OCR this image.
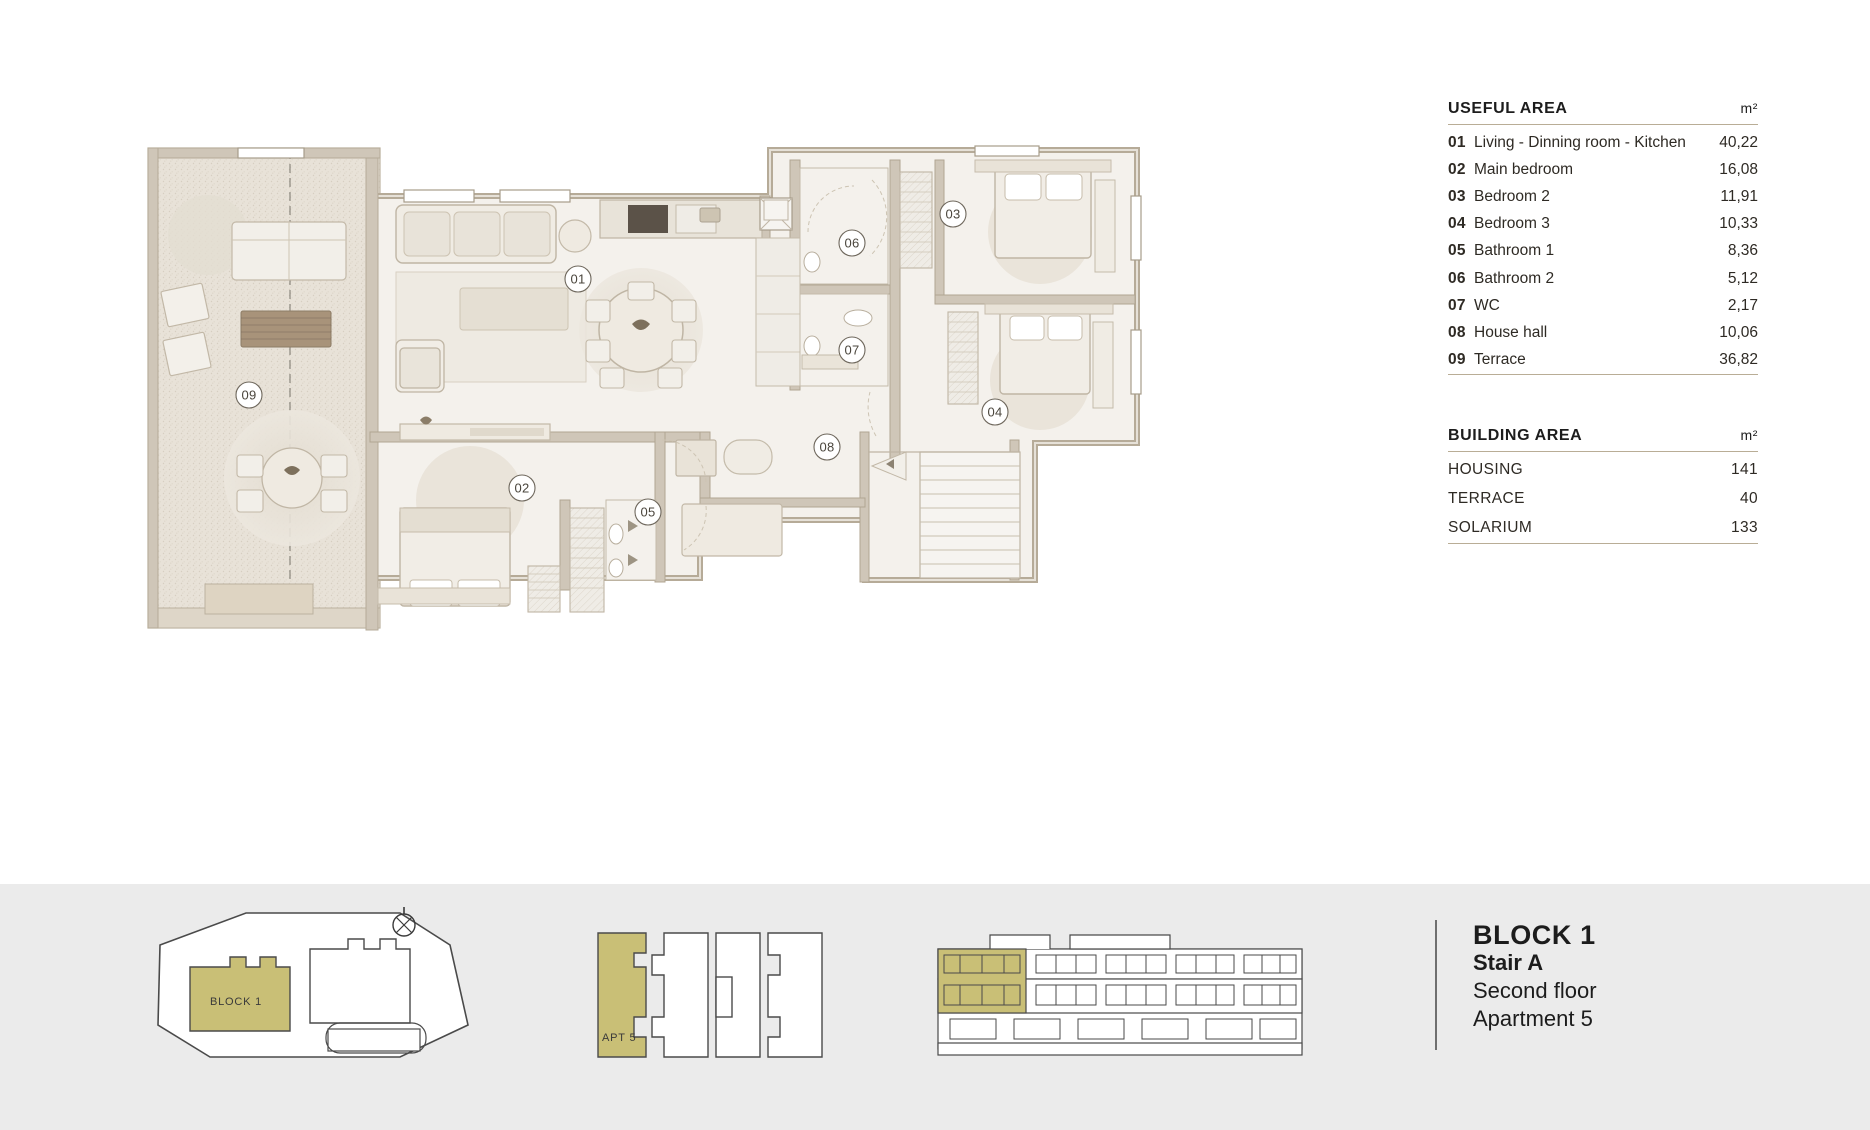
01
02
03
04
05
06
07
08
09
USEFUL AREA	m²
01 Living - Dinning room - Kitchen	40,22
02 Main bedroom	16,08
03 Bedroom 2	11,91
04 Bedroom 3	10,33
05 Bathroom 1	8,36
06 Bathroom 2	5,12
07 WC	2,17
08 House hall	10,06
09 Terrace	36,82
BUILDING AREA	m²
HOUSING	141
TERRACE	40
SOLARIUM	133
BLOCK 1
APT 5
BLOCK 1
Stair A
Second floor
Apartment 5
